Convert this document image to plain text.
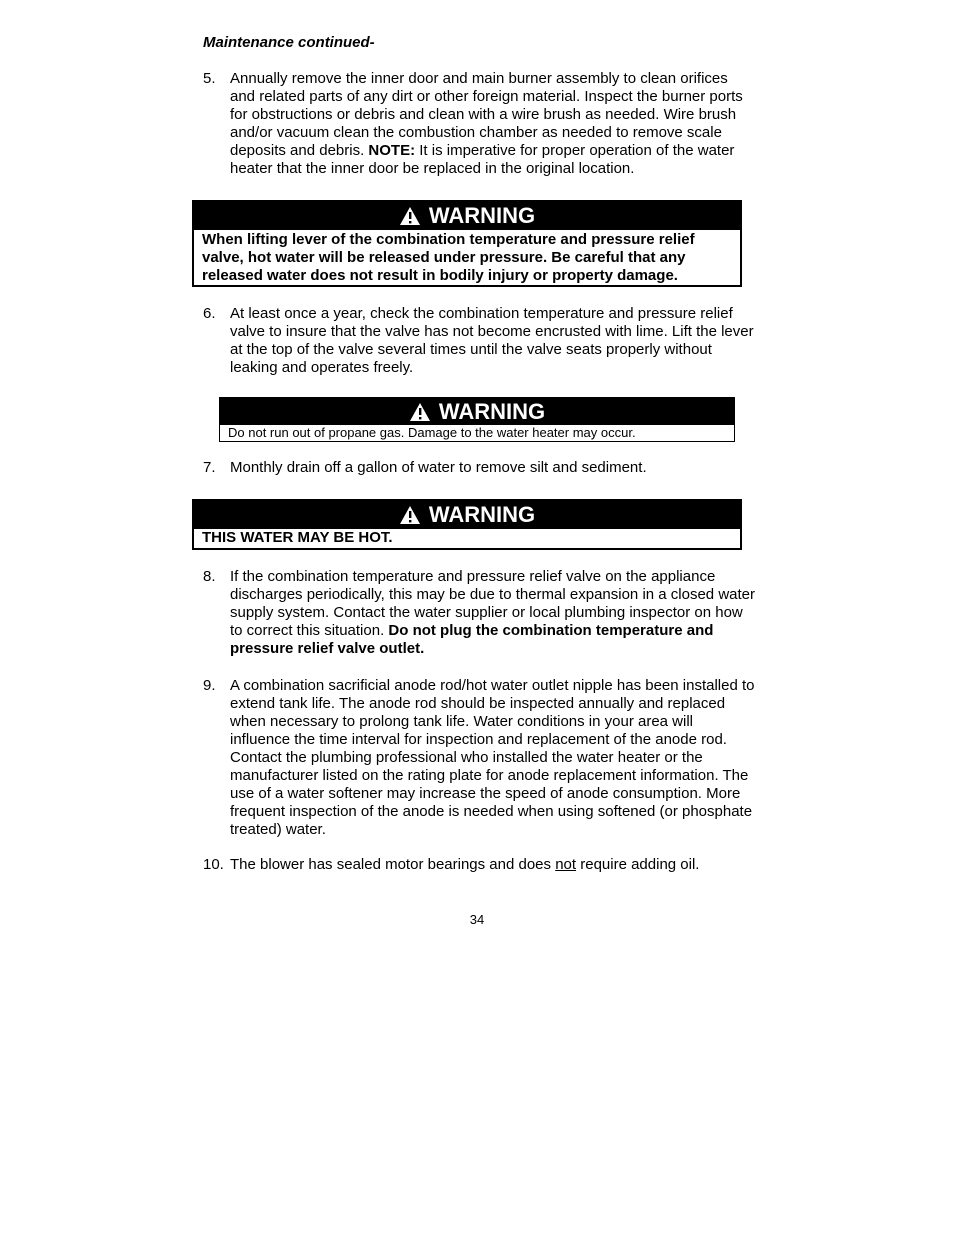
Maintenance continued-
5. Annually remove the inner door and main burner assembly to clean orifices and related parts of any dirt or other foreign material. Inspect the burner ports for obstructions or debris and clean with a wire brush as needed. Wire brush and/or vacuum clean the combustion chamber as needed to remove scale deposits and debris. NOTE: It is imperative for proper operation of the water heater that the inner door be replaced in the original location.
WARNING
When lifting lever of the combination temperature and pressure relief valve, hot water will be released under pressure. Be careful that any released water does not result in bodily injury or property damage.
6. At least once a year, check the combination temperature and pressure relief valve to insure that the valve has not become encrusted with lime. Lift the lever at the top of the valve several times until the valve seats properly without leaking and operates freely.
WARNING
Do not run out of propane gas. Damage to the water heater may occur.
7. Monthly drain off a gallon of water to remove silt and sediment.
WARNING
THIS WATER MAY BE HOT.
8. If the combination temperature and pressure relief valve on the appliance discharges periodically, this may be due to thermal expansion in a closed water supply system. Contact the water supplier or local plumbing inspector on how to correct this situation. Do not plug the combination temperature and pressure relief valve outlet.
9. A combination sacrificial anode rod/hot water outlet nipple has been installed to extend tank life. The anode rod should be inspected annually and replaced when necessary to prolong tank life. Water conditions in your area will influence the time interval for inspection and replacement of the anode rod. Contact the plumbing professional who installed the water heater or the manufacturer listed on the rating plate for anode replacement information. The use of a water softener may increase the speed of anode consumption. More frequent inspection of the anode is needed when using softened (or phosphate treated) water.
10. The blower has sealed motor bearings and does not require adding oil.
34
